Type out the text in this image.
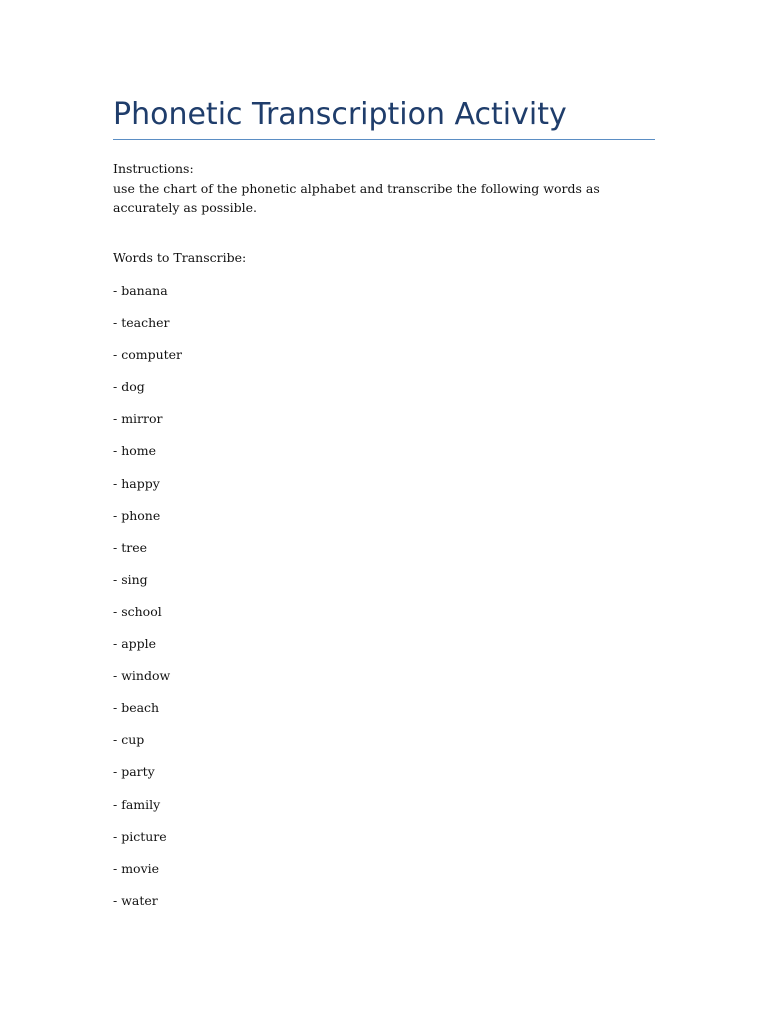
Phonetic Transcription Activity

Instructions:

use the chart of the phonetic alphabet and transcribe the following words as accurately as possible.

Words to Transcribe:

- banana
- teacher
- computer
- dog
- mirror
- home
- happy
- phone
- tree
- sing
- school
- apple
- window
- beach
- cup
- party
- family
- picture
- movie
- water
